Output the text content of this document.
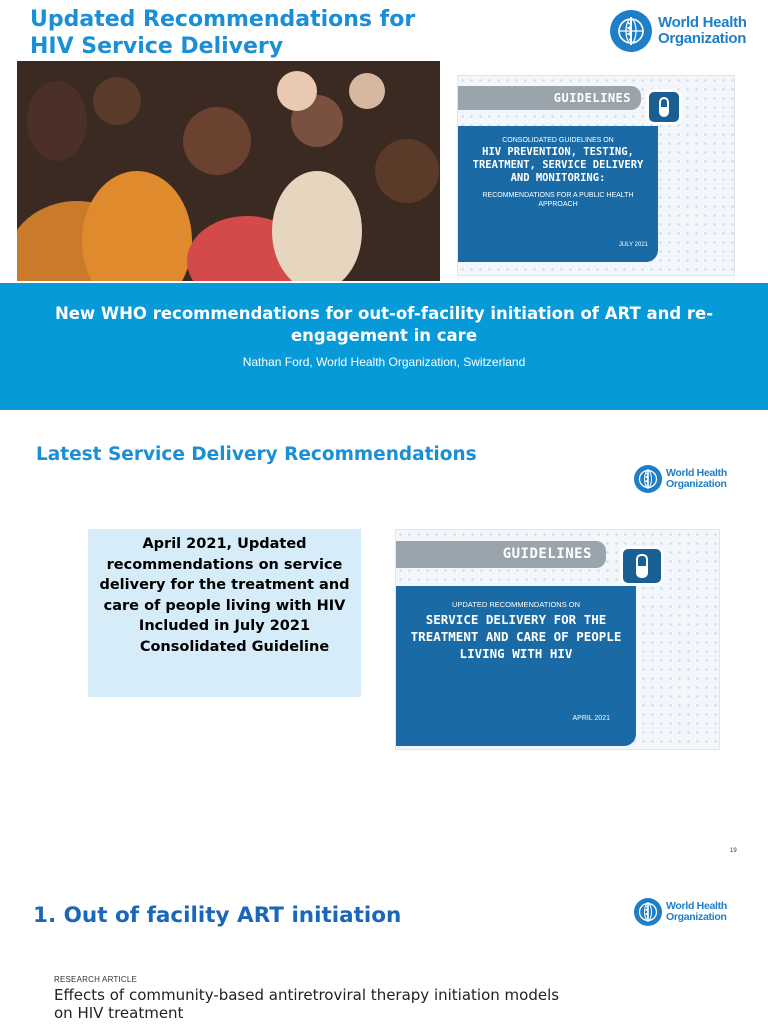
Updated Recommendations for HIV Service Delivery
World Health
Organization
GUIDELINES
CONSOLIDATED GUIDELINES ON
HIV PREVENTION, TESTING, TREATMENT, SERVICE DELIVERY AND MONITORING:
RECOMMENDATIONS FOR A PUBLIC HEALTH APPROACH
JULY 2021
New WHO recommendations for out-of-facility initiation of ART and re-engagement in care
Nathan Ford, World Health Organization, Switzerland
Latest Service Delivery Recommendations
World Health
Organization
April 2021, Updated recommendations on service delivery for the treatment and care of people living with HIV Included in July 2021
Consolidated Guideline
GUIDELINES
UPDATED RECOMMENDATIONS ON
SERVICE DELIVERY FOR THE TREATMENT AND CARE OF PEOPLE LIVING WITH HIV
APRIL 2021
19
1. Out of facility ART initiation	World Health
Organization
RESEARCH ARTICLE
Effects of community-based antiretroviral therapy initiation models on HIV treatment
